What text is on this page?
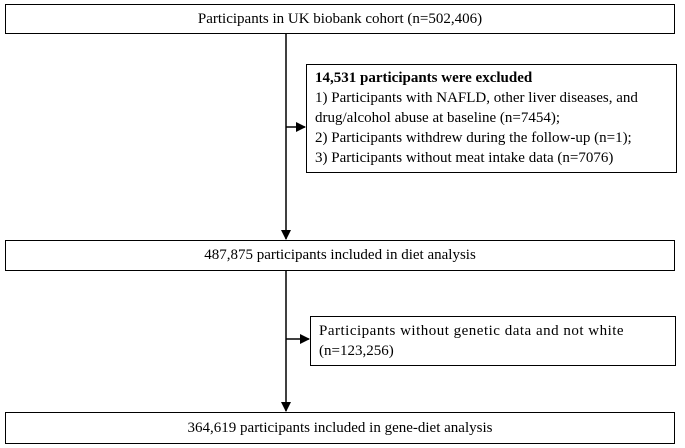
Participants in UK biobank cohort (n=502,406)
14,531 participants were excluded
1) Participants with NAFLD, other liver diseases, and
drug/alcohol abuse at baseline (n=7454);
2) Participants withdrew during the follow-up (n=1);
3) Participants without meat intake data (n=7076)
487,875 participants included in diet analysis
Participants without genetic data and not white
(n=123,256)
364,619 participants included in gene-diet analysis
